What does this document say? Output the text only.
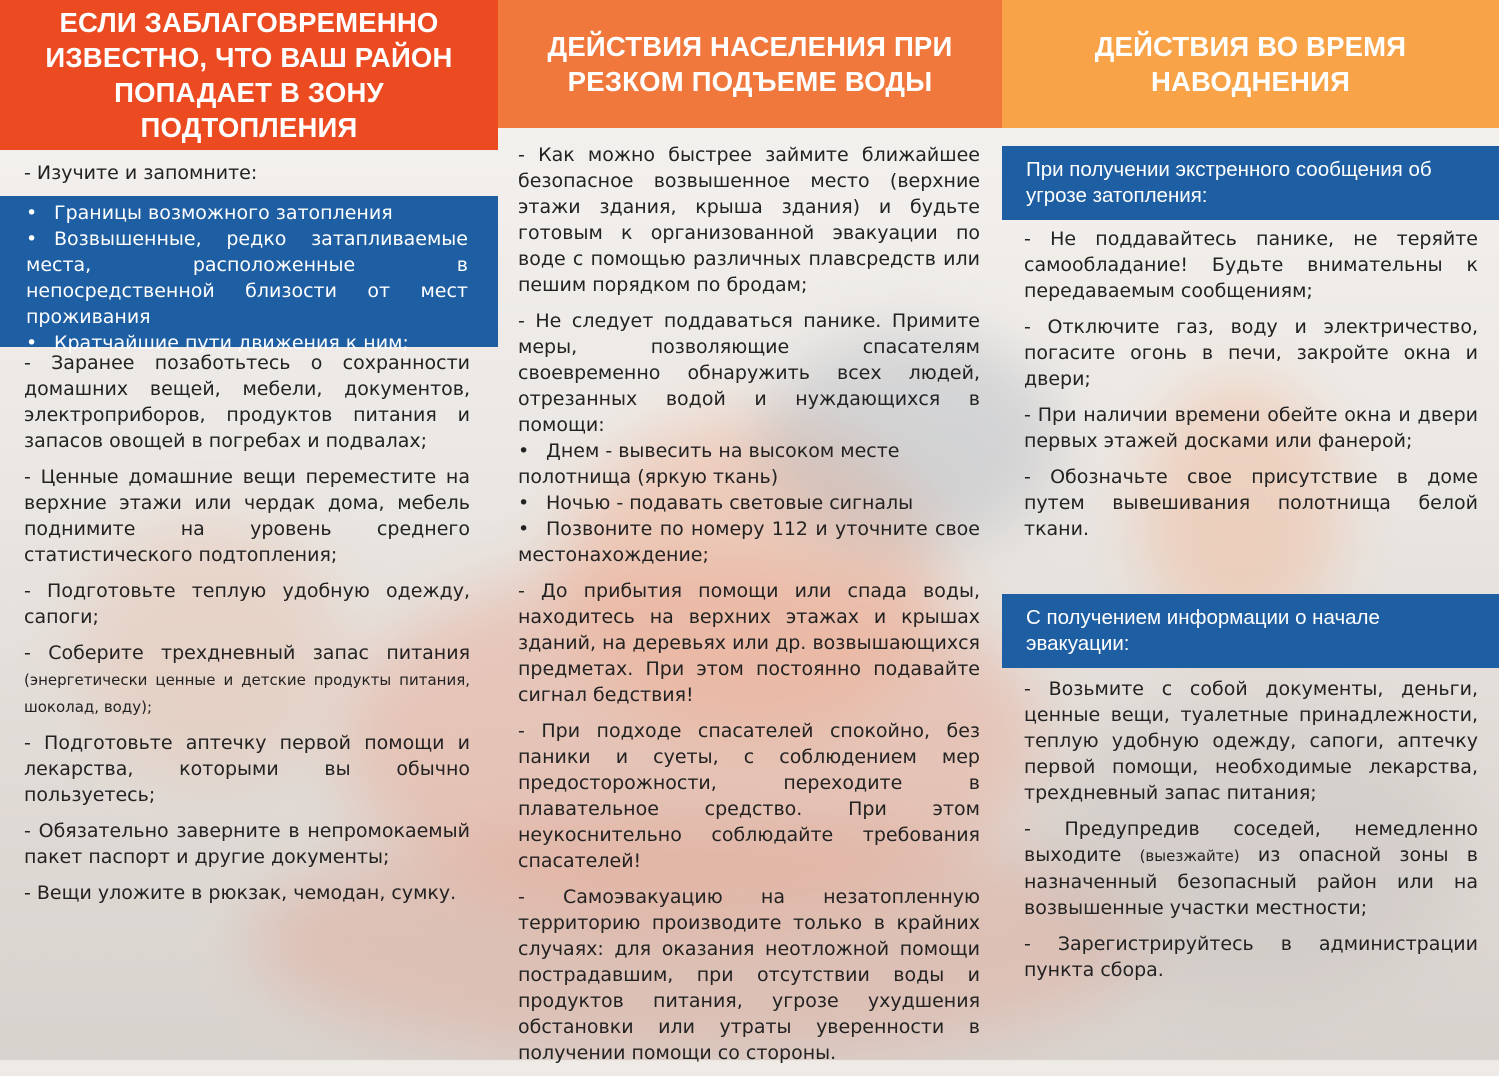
ЕСЛИ ЗАБЛАГОВРЕМЕННО ИЗВЕСТНО, ЧТО ВАШ РАЙОН ПОПАДАЕТ В ЗОНУ ПОДТОПЛЕНИЯ

- Изучите и запомните:

• Границы возможного затопления

• Возвышенные, редко затапливаемые места, расположенные в непосредственной близости от мест проживания

• Кратчайшие пути движения к ним;

- Заранее позаботьтесь о сохранности домашних вещей, мебели, документов, электроприборов, продуктов питания и запасов овощей в погребах и подвалах;

- Ценные домашние вещи переместите на верхние этажи или чердак дома, мебель поднимите на уровень среднего статистического подтопления;

- Подготовьте теплую удобную одежду, сапоги;

- Соберите трехдневный запас питания (энергетически ценные и детские продукты питания, шоколад, воду);

- Подготовьте аптечку первой помощи и лекарства, которыми вы обычно пользуетесь;

- Обязательно заверните в непромокаемый пакет паспорт и другие документы;

- Вещи уложите в рюкзак, чемодан, сумку.

ДЕЙСТВИЯ НАСЕЛЕНИЯ ПРИ РЕЗКОМ ПОДЪЕМЕ ВОДЫ

- Как можно быстрее займите ближайшее безопасное возвышенное место (верхние этажи здания, крыша здания) и будьте готовым к организованной эвакуации по воде с помощью различных плавсредств или пешим порядком по бродам;

- Не следует поддаваться панике. Примите меры, позволяющие спасателям своевременно обнаружить всех людей, отрезанных водой и нуждающихся в помощи:

• Днем - вывесить на высоком месте полотнища (яркую ткань)

• Ночью - подавать световые сигналы

• Позвоните по номеру 112 и уточните свое местонахождение;

- До прибытия помощи или спада воды, находитесь на верхних этажах и крышах зданий, на деревьях или др. возвышающихся предметах. При этом постоянно подавайте сигнал бедствия!

- При подходе спасателей спокойно, без паники и суеты, с соблюдением мер предосторожности, переходите в плавательное средство. При этом неукоснительно соблюдайте требования спасателей!

- Самоэвакуацию на незатопленную территорию производите только в крайних случаях: для оказания неотложной помощи пострадавшим, при отсутствии воды и продуктов питания, угрозе ухудшения обстановки или утраты уверенности в получении помощи со стороны.

ДЕЙСТВИЯ ВО ВРЕМЯ НАВОДНЕНИЯ
При получении экстренного сообщения об угрозе затопления:

- Не поддавайтесь панике, не теряйте самообладание! Будьте внимательны к передаваемым сообщениям;

- Отключите газ, воду и электричество, погасите огонь в печи, закройте окна и двери;

- При наличии времени обейте окна и двери первых этажей досками или фанерой;

- Обозначьте свое присутствие в доме путем вывешивания полотнища белой ткани.

С получением информации о начале эвакуации:

- Возьмите с собой документы, деньги, ценные вещи, туалетные принадлежности, теплую удобную одежду, сапоги, аптечку первой помощи, необходимые лекарства, трехдневный запас питания;

- Предупредив соседей, немедленно выходите (выезжайте) из опасной зоны в назначенный безопасный район или на возвышенные участки местности;

- Зарегистрируйтесь в администрации пункта сбора.
